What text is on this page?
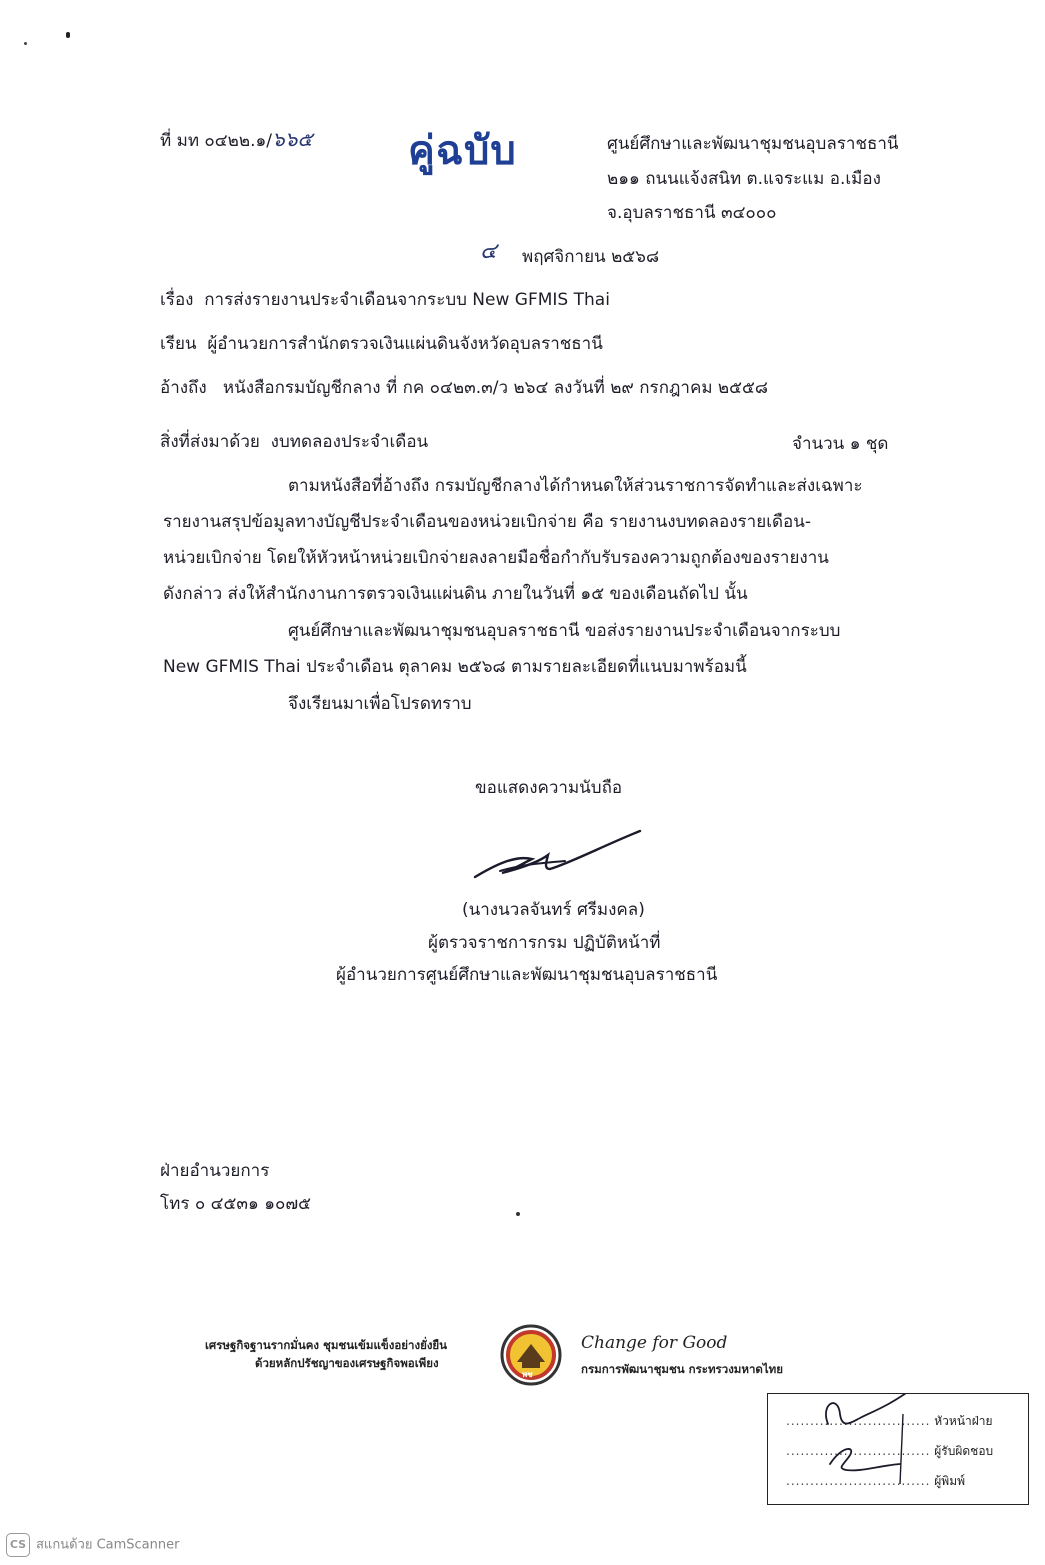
ที่ มท ๐๔๒๒.๑/๖๖๕ คู่ฉบับ	ศูนย์ศึกษาและพัฒนาชุมชนอุบลราชธานี
๒๑๑ ถนนแจ้งสนิท ต.แจระแม อ.เมือง
จ.อุบลราชธานี ๓๔๐๐๐
๔ พฤศจิกายน ๒๕๖๘
เรื่อง การส่งรายงานประจำเดือนจากระบบ New GFMIS Thai
เรียน ผู้อำนวยการสำนักตรวจเงินแผ่นดินจังหวัดอุบลราชธานี
อ้างถึง หนังสือกรมบัญชีกลาง ที่ กค ๐๔๒๓.๓/ว ๒๖๔ ลงวันที่ ๒๙ กรกฎาคม ๒๕๕๘
สิ่งที่ส่งมาด้วย งบทดลองประจำเดือน	จำนวน ๑ ชุด
ตามหนังสือที่อ้างถึง กรมบัญชีกลางได้กำหนดให้ส่วนราชการจัดทำและส่งเฉพาะ
รายงานสรุปข้อมูลทางบัญชีประจำเดือนของหน่วยเบิกจ่าย คือ รายงานงบทดลองรายเดือน-
หน่วยเบิกจ่าย โดยให้หัวหน้าหน่วยเบิกจ่ายลงลายมือชื่อกำกับรับรองความถูกต้องของรายงาน
ดังกล่าว ส่งให้สำนักงานการตรวจเงินแผ่นดิน ภายในวันที่ ๑๕ ของเดือนถัดไป นั้น
ศูนย์ศึกษาและพัฒนาชุมชนอุบลราชธานี ขอส่งรายงานประจำเดือนจากระบบ
New GFMIS Thai ประจำเดือน ตุลาคม ๒๕๖๘ ตามรายละเอียดที่แนบมาพร้อมนี้
จึงเรียนมาเพื่อโปรดทราบ
ขอแสดงความนับถือ
(นางนวลจันทร์ ศรีมงคล)
ผู้ตรวจราชการกรม ปฏิบัติหน้าที่
ผู้อำนวยการศูนย์ศึกษาและพัฒนาชุมชนอุบลราชธานี
ฝ่ายอำนวยการ
โทร ๐ ๔๕๓๑ ๑๐๗๕
เศรษฐกิจฐานรากมั่นคง ชุมชนเข้มแข็งอย่างยั่งยืน
ด้วยหลักปรัชญาของเศรษฐกิจพอเพียง
พช
Change for Good
กรมการพัฒนาชุมชน กระทรวงมหาดไทย
.............................. หัวหน้าฝ่าย
.............................. ผู้รับผิดชอบ
.............................. ผู้พิมพ์
CS สแกนด้วย CamScanner
